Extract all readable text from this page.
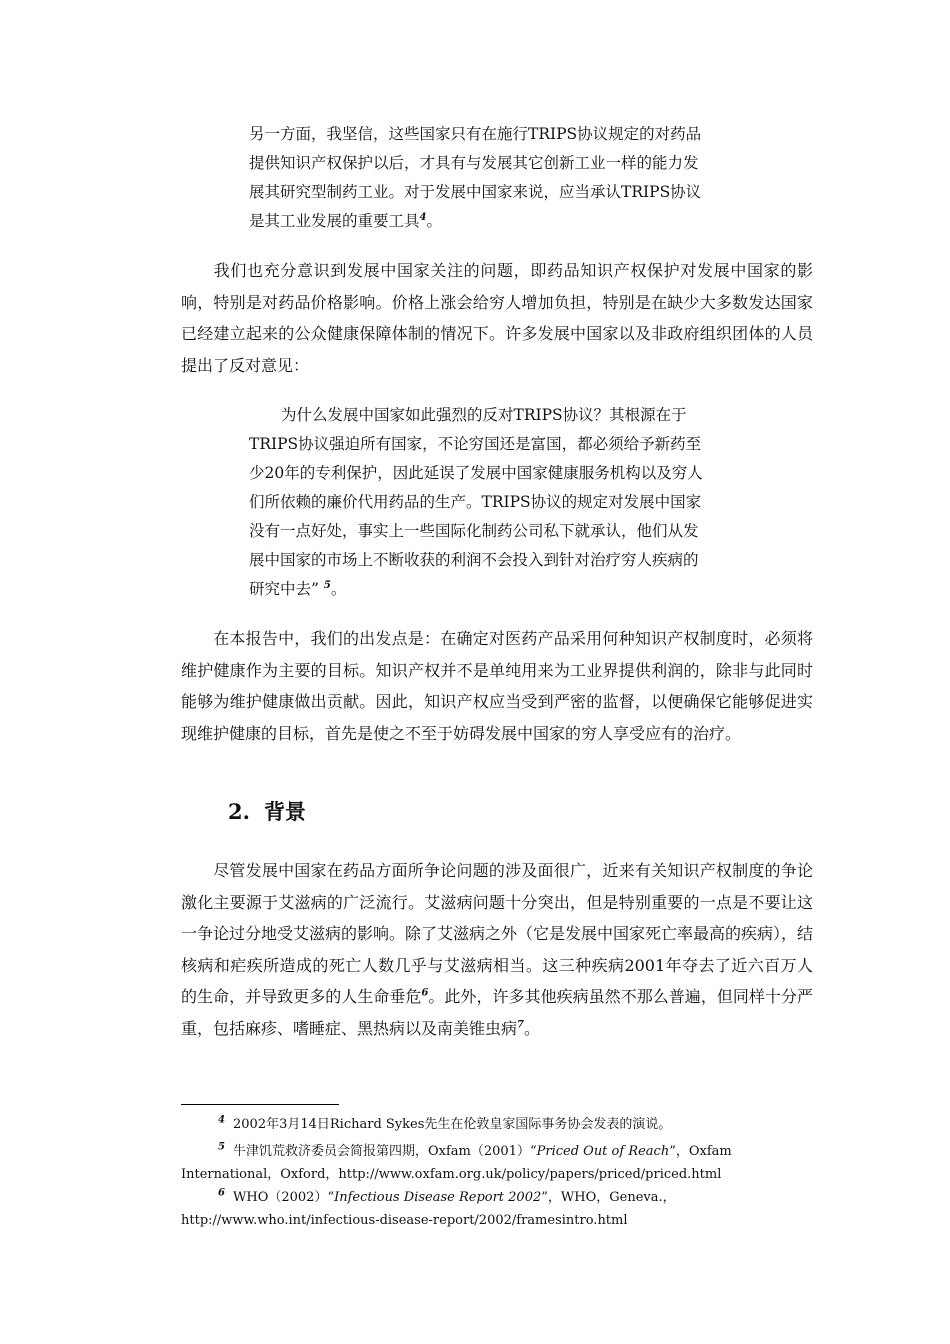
另一方面，我坚信，这些国家只有在施行TRIPS协议规定的对药品

提供知识产权保护以后，才具有与发展其它创新工业一样的能力发

展其研究型制药工业。对于发展中国家来说，应当承认TRIPS协议

是其工业发展的重要工具$^4$。

我们也充分意识到发展中国家关注的问题，即药品知识产权保护对发展中国家的影响，特别是对药品价格影响。价格上涨会给穷人增加负担，特别是在缺少大多数发达国家已经建立起来的公众健康保障体制的情况下。许多发展中国家以及非政府组织团体的人员提出了反对意见：

为什么发展中国家如此强烈的反对TRIPS协议？其根源在于

TRIPS协议强迫所有国家，不论穷国还是富国，都必须给予新药至

少20年的专利保护，因此延误了发展中国家健康服务机构以及穷人

们所依赖的廉价代用药品的生产。TRIPS协议的规定对发展中国家

没有一点好处，事实上一些国际化制药公司私下就承认，他们从发

展中国家的市场上不断收获的利润不会投入到针对治疗穷人疾病的

研究中去” $^5$。

在本报告中，我们的出发点是：在确定对医药产品采用何种知识产权制度时，必须将维护健康作为主要的目标。知识产权并不是单纯用来为工业界提供利润的，除非与此同时能够为维护健康做出贡献。因此，知识产权应当受到严密的监督，以便确保它能够促进实现维护健康的目标，首先是使之不至于妨碍发展中国家的穷人享受应有的治疗。

2. 背景

尽管发展中国家在药品方面所争论问题的涉及面很广，近来有关知识产权制度的争论激化主要源于艾滋病的广泛流行。艾滋病问题十分突出，但是特别重要的一点是不要让这一争论过分地受艾滋病的影响。除了艾滋病之外（它是发展中国家死亡率最高的疾病），结核病和疟疾所造成的死亡人数几乎与艾滋病相当。这三种疾病2001年夺去了近六百万人的生命，并导致更多的人生命垂危$^6$。此外，许多其他疾病虽然不那么普遍，但同样十分严重，包括麻疹、嗜睡症、黑热病以及南美锥虫病$^7$。

$^4$ 2002年3月14日Richard Sykes先生在伦敦皇家国际事务协会发表的演说。

$^5$ 牛津饥荒救济委员会简报第四期，Oxfam（2001）“Priced Out of Reach”，Oxfam International，Oxford，http://www.oxfam.org.uk/policy/papers/priced/priced.html

$^6$ WHO（2002）“Infectious Disease Report 2002”，WHO，Geneva.，http://www.who.int/infectious-disease-report/2002/framesintro.html
